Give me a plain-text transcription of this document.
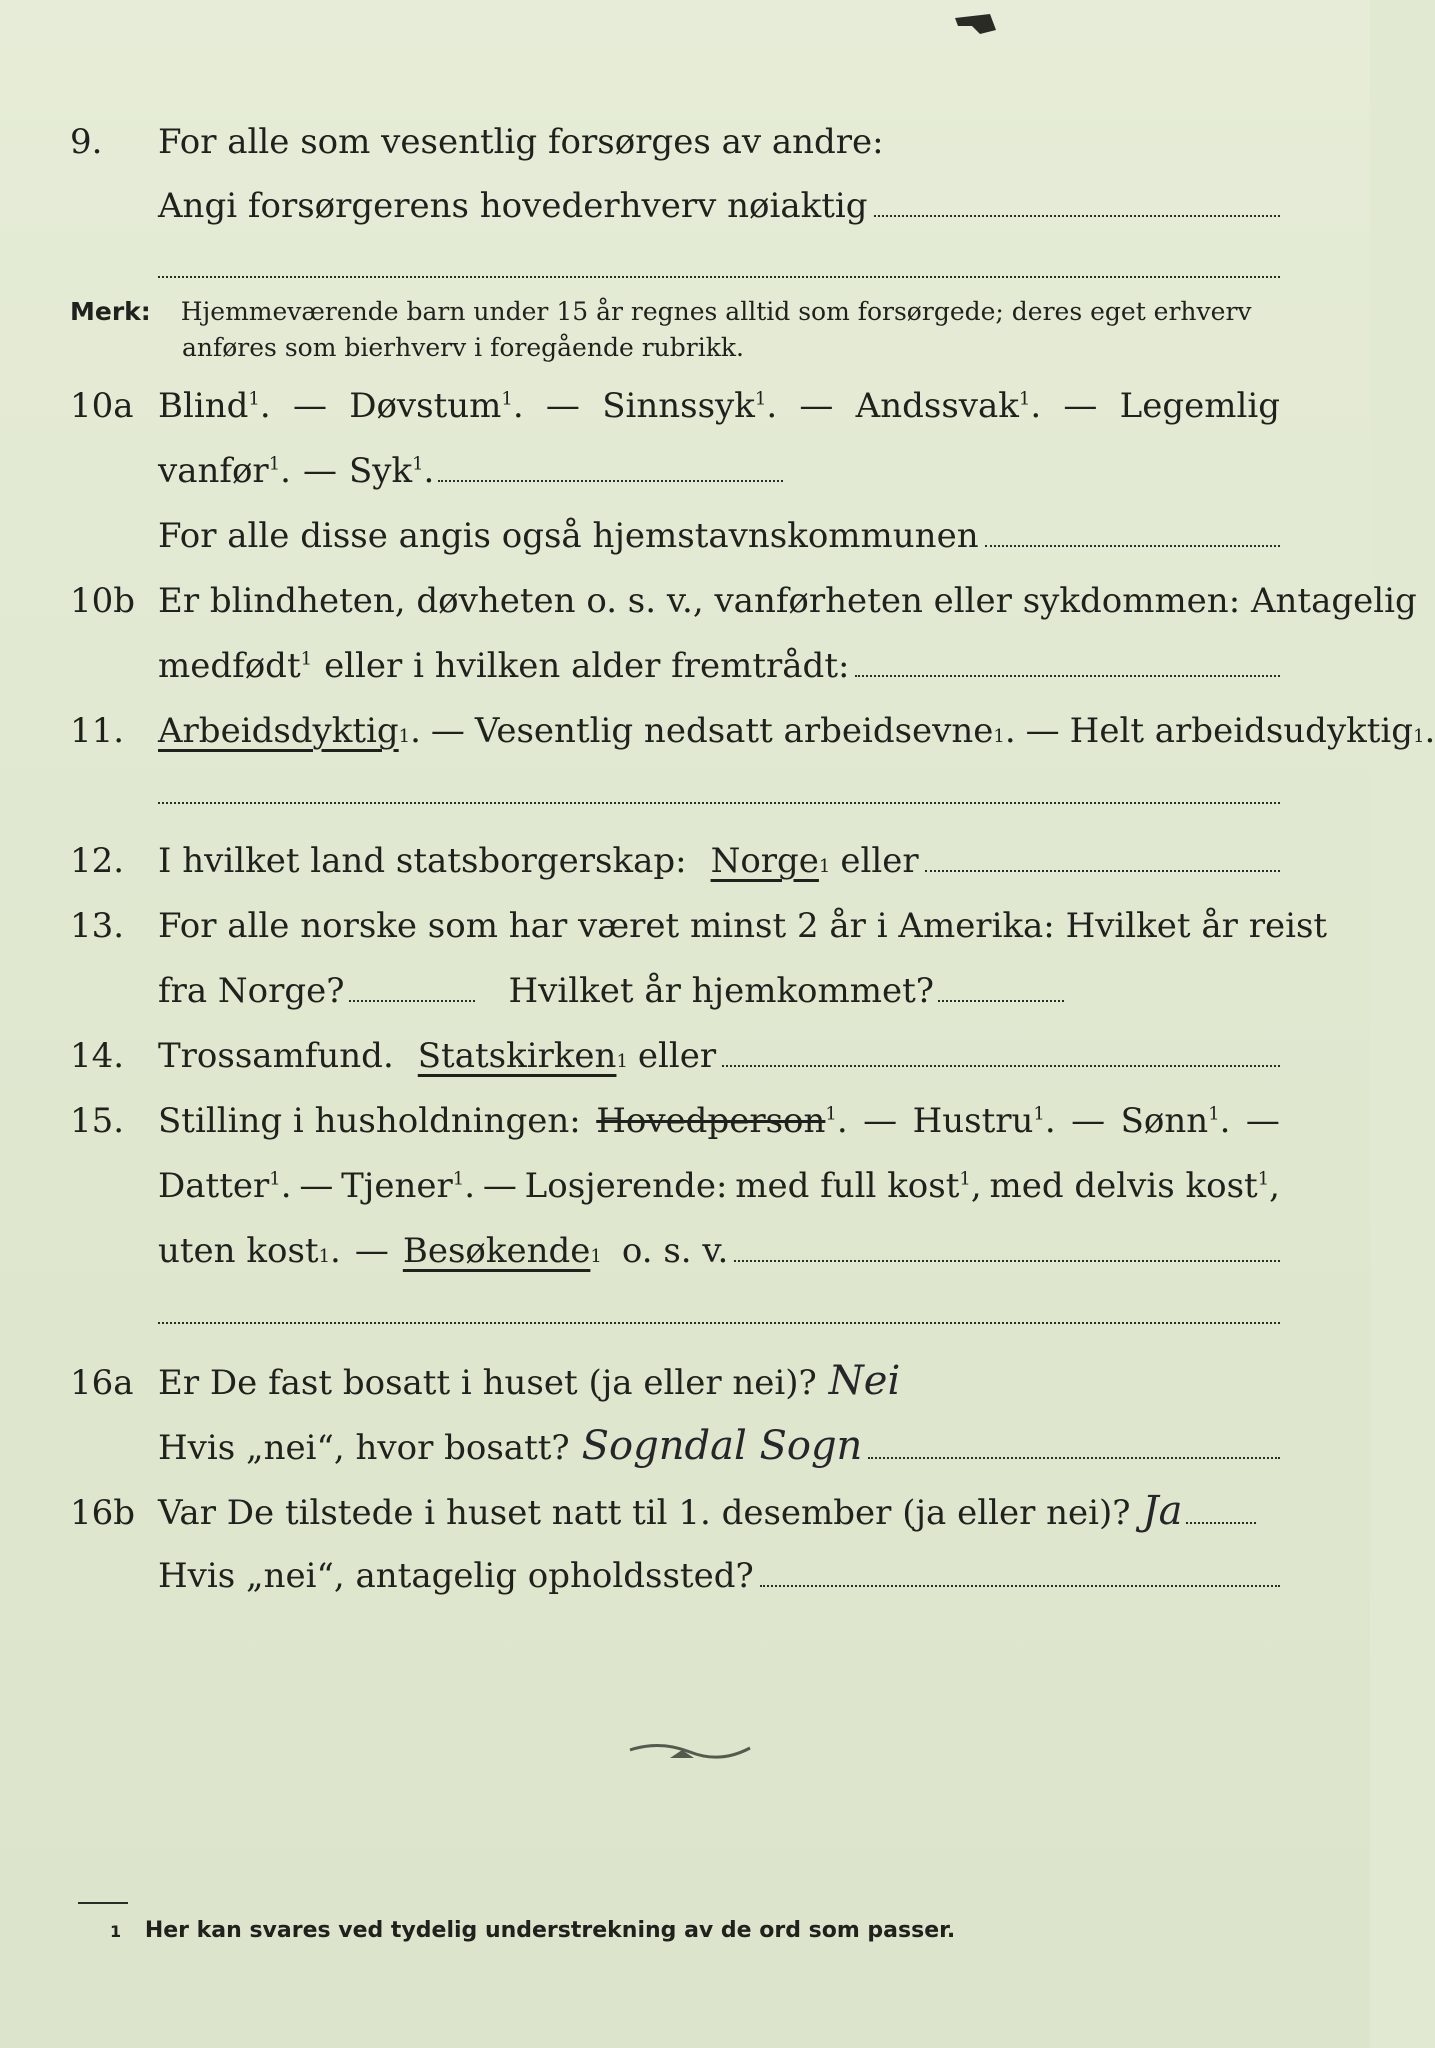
9.	For alle som vesentlig forsørges av andre:
Angi forsørgerens hovederhverv nøiaktig
Merk: Hjemmeværende barn under 15 år regnes alltid som forsørgede; deres eget erhverv
anføres som bierhverv i foregående rubrikk.
10a Blind$^1$. — Døvstum$^1$. — Sinnssyk$^1$. — Andssvak$^1$. — Legemlig
vanfør$^1$. — Syk$^1$.
For alle disse angis også hjemstavnskommunen
10b Er blindheten, døvheten o. s. v., vanførheten eller sykdommen: Antagelig
medfødt$^1$ eller i hvilken alder fremtrådt:
11. Arbeidsdyktig 1 . — Vesentlig nedsatt arbeidsevne 1 . — Helt arbeidsudyktig 1 .
12. I hvilket land statsborgerskap: Norge 1 eller
13. For alle norske som har været minst 2 år i Amerika: Hvilket år reist
fra Norge?	Hvilket år hjemkommet?
14. Trossamfund. Statskirken 1 eller
15. Stilling i husholdningen: Hovedperson$^1$. — Hustru$^1$. — Sønn$^1$. —
Datter$^1$. — Tjener$^1$. — Losjerende: med full kost$^1$, med delvis kost$^1$,
uten kost 1 . — Besøkende 1 o. s. v.
16a Er De fast bosatt i huset (ja eller nei)? Nei
Hvis „nei“, hvor bosatt? Sogndal Sogn
16b Var De tilstede i huset natt til 1. desember (ja eller nei)? Ja
Hvis „nei“, antagelig opholdssted?
1 Her kan svares ved tydelig understrekning av de ord som passer.
